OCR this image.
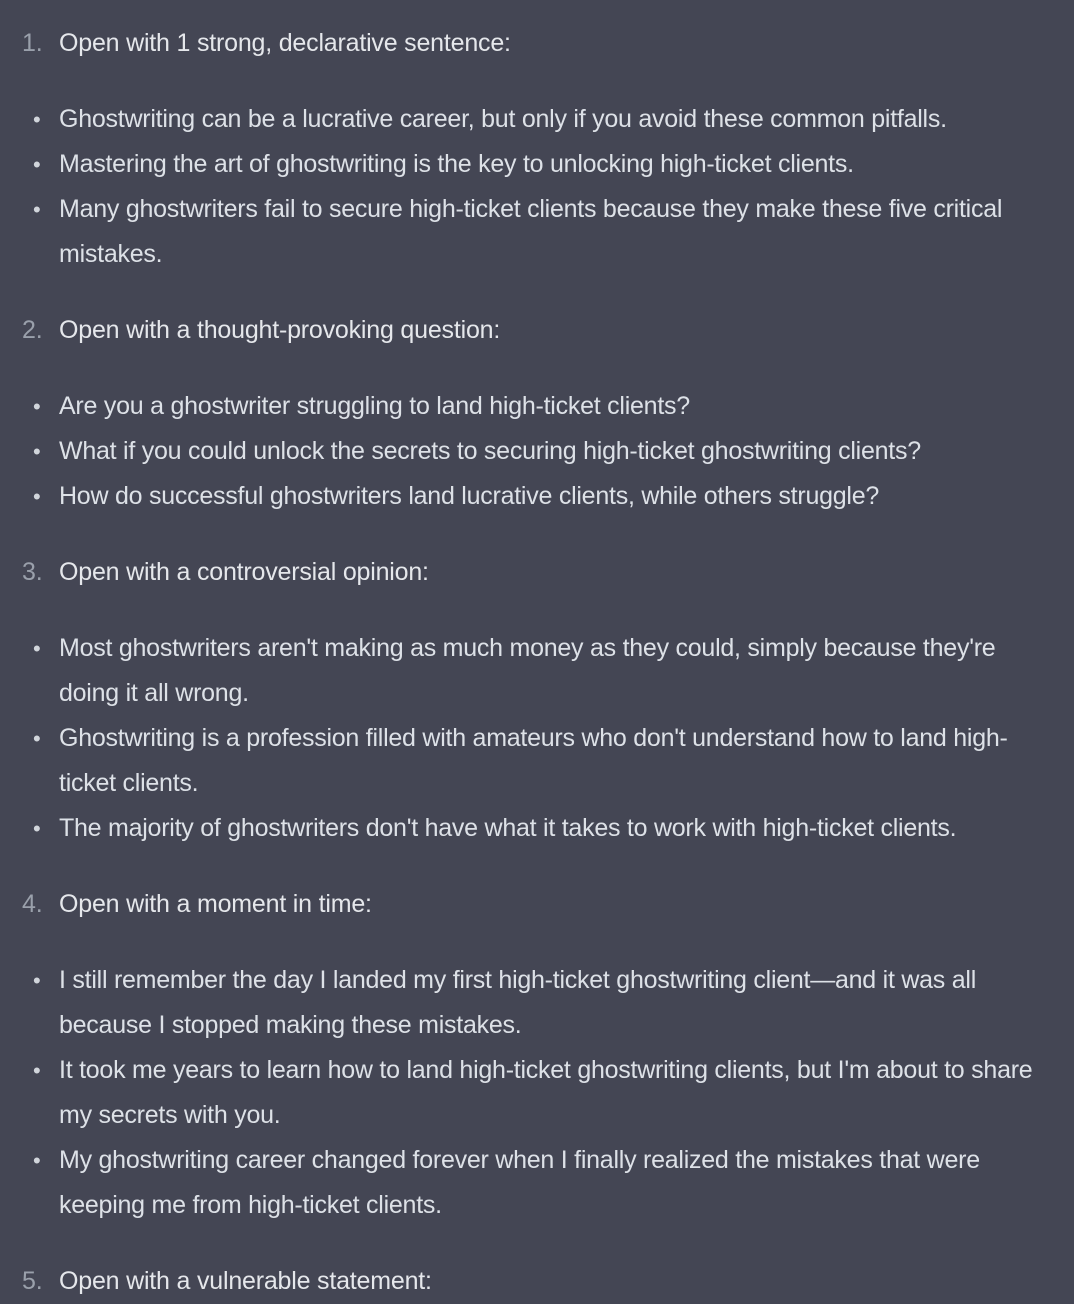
1. Open with 1 strong, declarative sentence:
• Ghostwriting can be a lucrative career, but only if you avoid these common pitfalls.
• Mastering the art of ghostwriting is the key to unlocking high-ticket clients.
• Many ghostwriters fail to secure high-ticket clients because they make these five critical mistakes.
2. Open with a thought-provoking question:
• Are you a ghostwriter struggling to land high-ticket clients?
• What if you could unlock the secrets to securing high-ticket ghostwriting clients?
• How do successful ghostwriters land lucrative clients, while others struggle?
3. Open with a controversial opinion:
• Most ghostwriters aren't making as much money as they could, simply because they're doing it all wrong.
• Ghostwriting is a profession filled with amateurs who don't understand how to land high-ticket clients.
• The majority of ghostwriters don't have what it takes to work with high-ticket clients.
4. Open with a moment in time:
• I still remember the day I landed my first high-ticket ghostwriting client—and it was all because I stopped making these mistakes.
• It took me years to learn how to land high-ticket ghostwriting clients, but I'm about to share my secrets with you.
• My ghostwriting career changed forever when I finally realized the mistakes that were keeping me from high-ticket clients.
5. Open with a vulnerable statement:
